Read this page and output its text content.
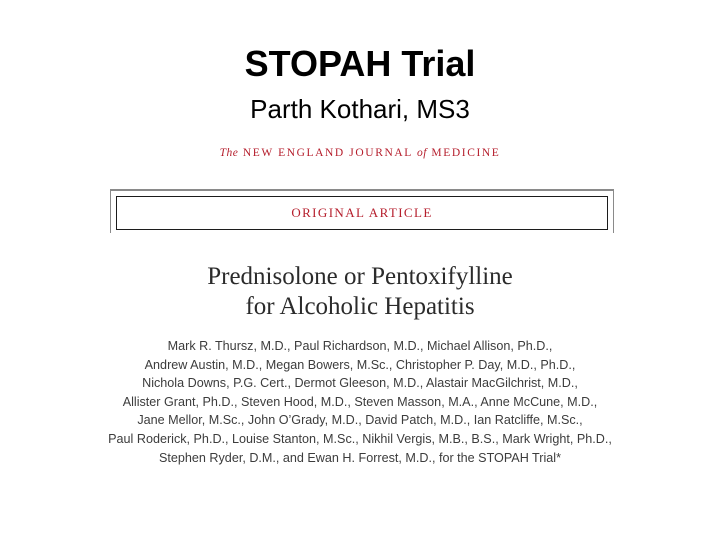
STOPAH Trial
Parth Kothari, MS3
The NEW ENGLAND JOURNAL of MEDICINE
ORIGINAL ARTICLE
Prednisolone or Pentoxifylline
for Alcoholic Hepatitis
Mark R. Thursz, M.D., Paul Richardson, M.D., Michael Allison, Ph.D.,
Andrew Austin, M.D., Megan Bowers, M.Sc., Christopher P. Day, M.D., Ph.D.,
Nichola Downs, P.G. Cert., Dermot Gleeson, M.D., Alastair MacGilchrist, M.D.,
Allister Grant, Ph.D., Steven Hood, M.D., Steven Masson, M.A., Anne McCune, M.D.,
Jane Mellor, M.Sc., John O’Grady, M.D., David Patch, M.D., Ian Ratcliffe, M.Sc.,
Paul Roderick, Ph.D., Louise Stanton, M.Sc., Nikhil Vergis, M.B., B.S., Mark Wright, Ph.D.,
Stephen Ryder, D.M., and Ewan H. Forrest, M.D., for the STOPAH Trial*
